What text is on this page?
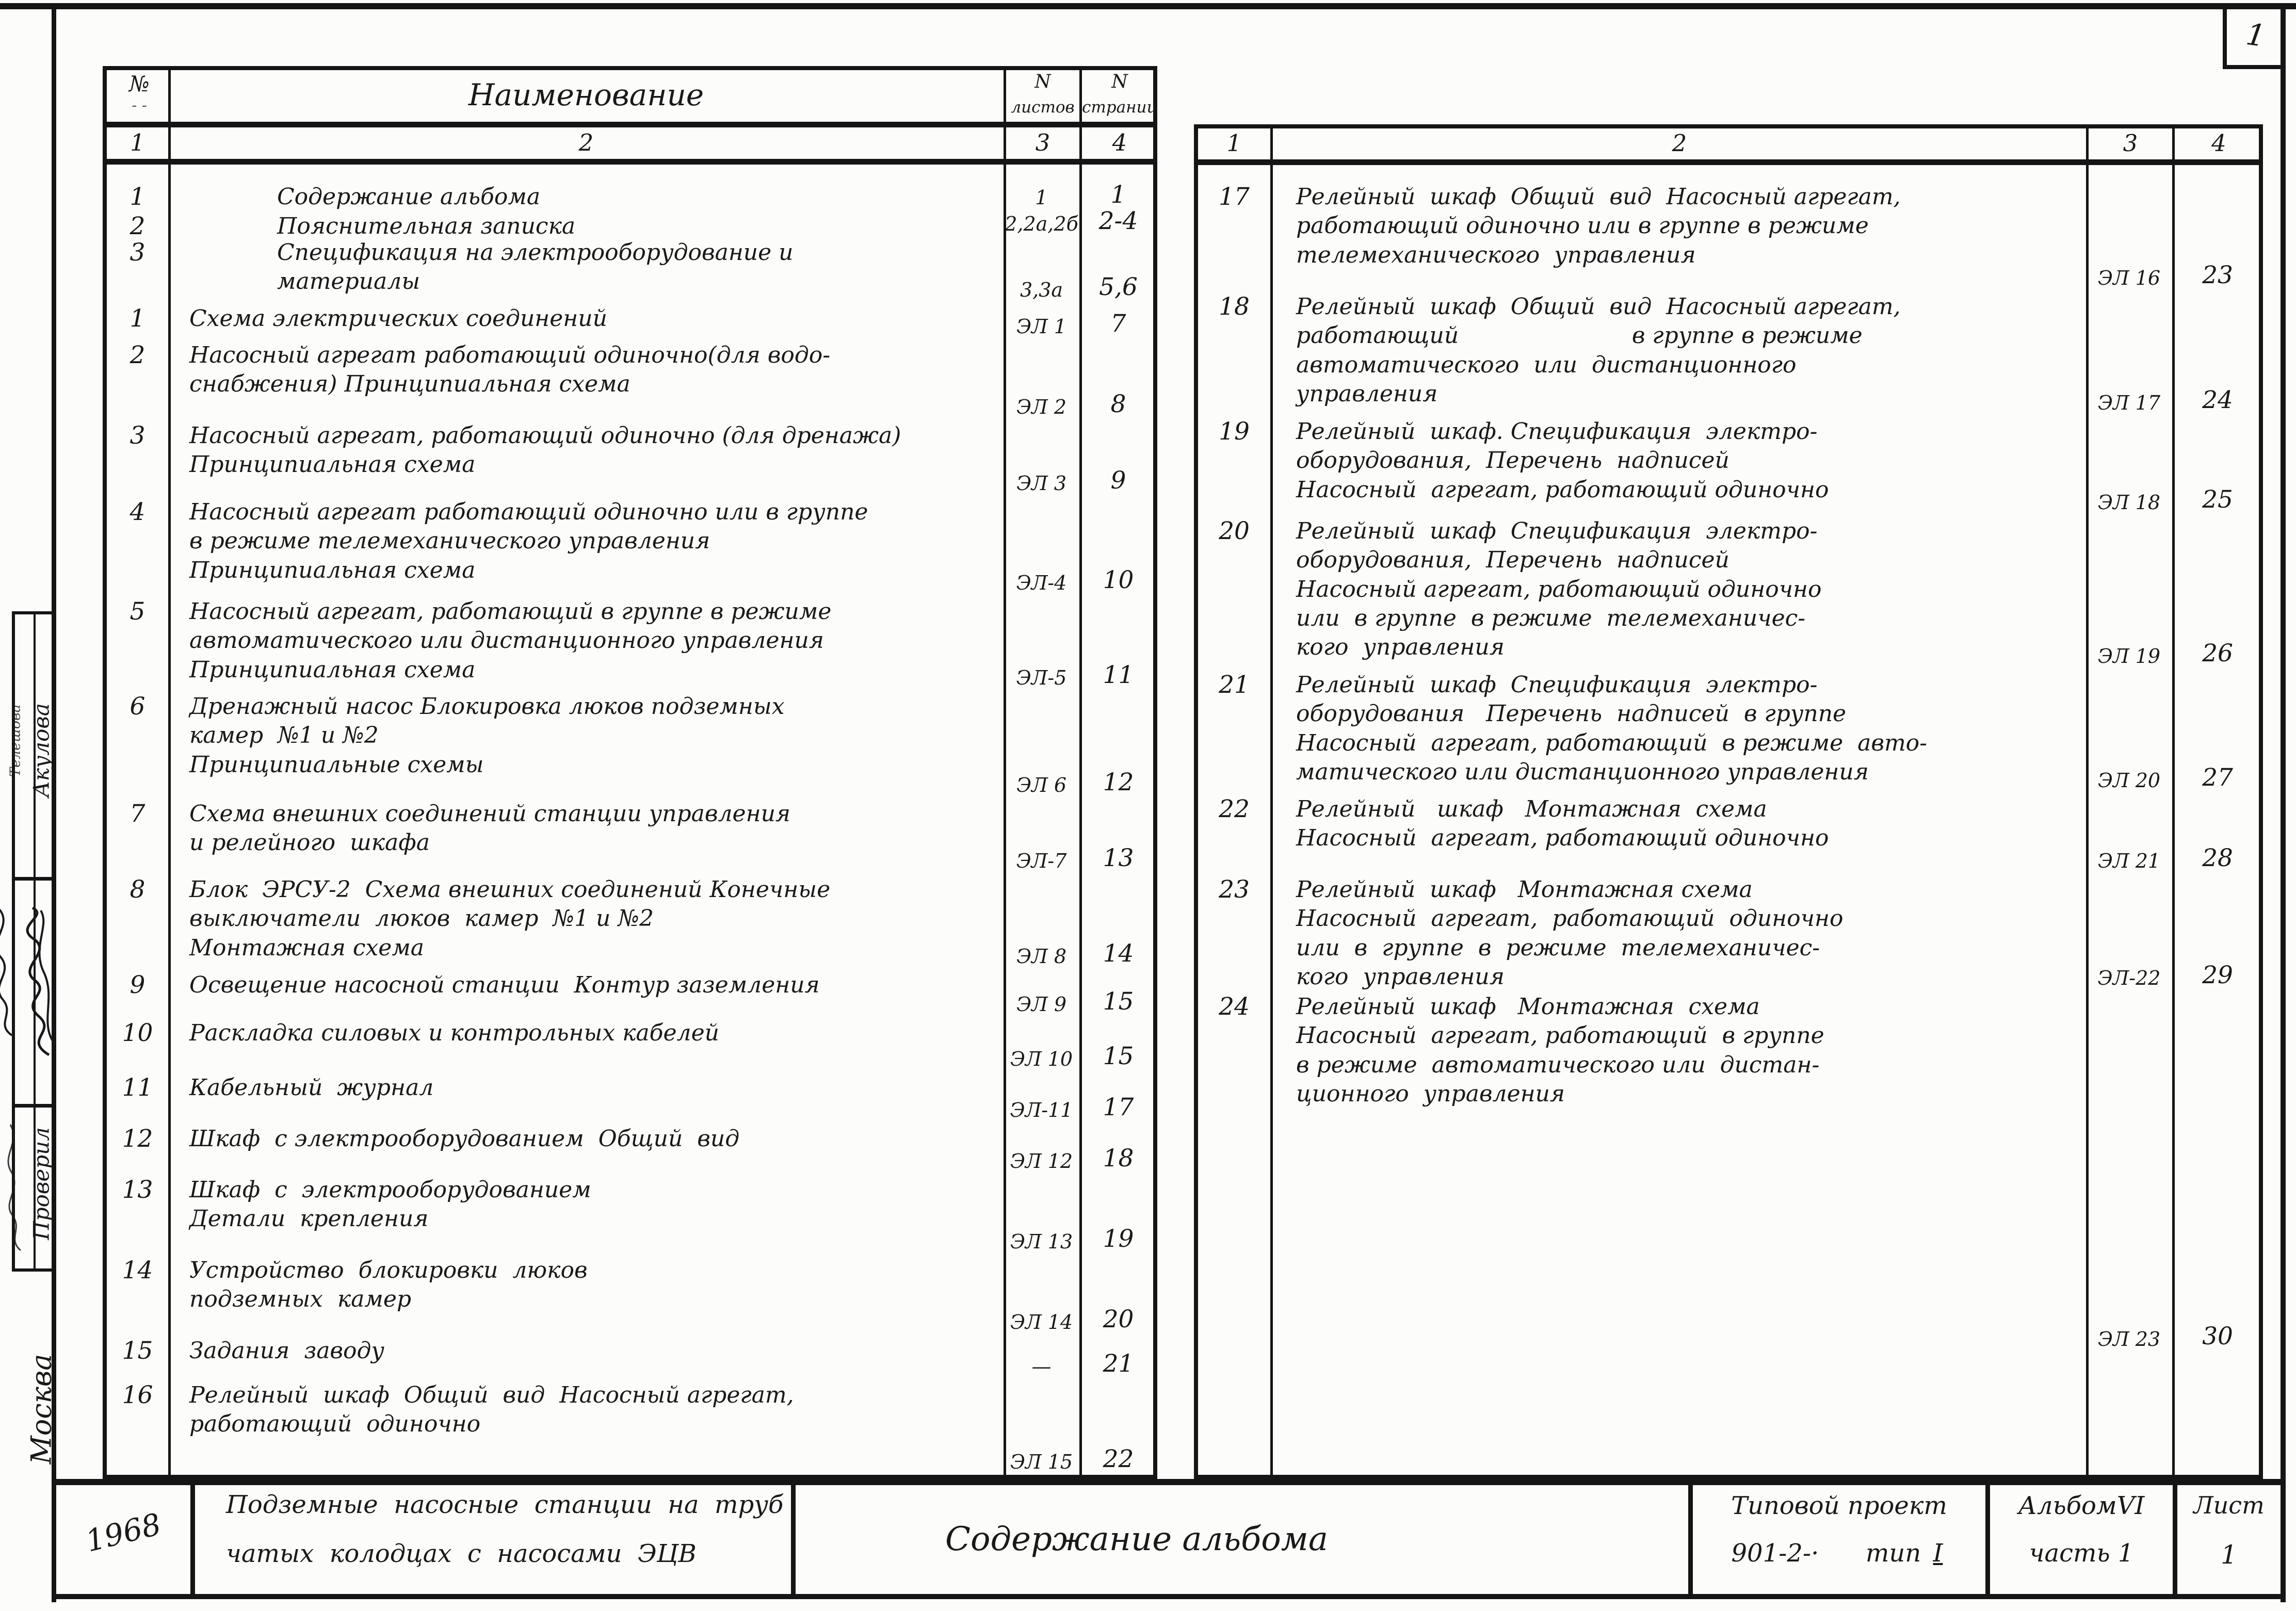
1
№
- -	Наименование	N
листов
N
страниц
1	2	3	4
1	Содержание альбома	1	1
2	Пояснительная записка	2,2а,2б 2-4
3	Спецификация на электрооборудование и
материалы	3,3а	5,6
1	Схема электрических соединений	ЭЛ 1	7
2	Насосный агрегат работающий одиночно(для водо-
снабжения) Принципиальная схема
ЭЛ 2	8
3	Насосный агрегат, работающий одиночно (для дренажа)
Принципиальная схема
ЭЛ 3	9
4	Насосный агрегат работающий одиночно или в группе
в режиме телемеханического управления
Принципиальная схема	ЭЛ-4	10
5	Насосный агрегат, работающий в группе в режиме
автоматического или дистанционного управления
Принципиальная схема	ЭЛ-5	11
6	Дренажный насос Блокировка люков подземных
камер  №1 и №2
Принципиальные схемы
ЭЛ 6	12
7	Схема внешних соединений станции управления
и релейного  шкафа
ЭЛ-7	13
8	Блок  ЭРСУ-2  Схема внешних соединений Конечные
выключатели  люков  камер  №1 и №2
Монтажная схема	ЭЛ 8	14
9	Освещение насосной станции  Контур заземления
ЭЛ 9	15
10	Раскладка силовых и контрольных кабелей
ЭЛ 10	15
11	Кабельный  журнал
ЭЛ-11	17
12	Шкаф  с электрооборудованием  Общий  вид
ЭЛ 12	18
13	Шкаф  с  электрооборудованием
Детали  крепления
ЭЛ 13	19
14	Устройство  блокировки  люков
подземных  камер
ЭЛ 14	20
15	Задания  заводу
—	21
16	Релейный  шкаф  Общий  вид  Насосный агрегат,
работающий  одиночно
ЭЛ 15	22
1	2	3	4
17	Релейный  шкаф  Общий  вид  Насосный агрегат,
работающий одиночно или в группе в режиме
телемеханического  управления
ЭЛ 16	23
18	Релейный  шкаф  Общий  вид  Насосный агрегат,
работающий                        в группе в режиме
автоматического  или  дистанционного
управления	ЭЛ 17	24
19	Релейный  шкаф. Спецификация  электро-
оборудования,  Перечень  надписей
Насосный  агрегат, работающий одиночно	ЭЛ 18	25
20	Релейный  шкаф  Спецификация  электро-
оборудования,  Перечень  надписей
Насосный агрегат, работающий одиночно
или  в группе  в режиме  телемеханичес-
кого  управления	ЭЛ 19	26
21	Релейный  шкаф  Спецификация  электро-
оборудования   Перечень  надписей  в группе
Насосный  агрегат, работающий  в режиме  авто-
матического или дистанционного управления	ЭЛ 20	27
22	Релейный   шкаф   Монтажная  схема
Насосный  агрегат, работающий одиночно
ЭЛ 21	28
23	Релейный  шкаф   Монтажная схема
Насосный  агрегат,  работающий  одиночно
или  в  группе  в  режиме  телемеханичес-
кого  управления	ЭЛ-22	29
24	Релейный  шкаф   Монтажная  схема
Насосный  агрегат, работающий  в группе
в режиме  автоматического или  дистан-
ционного  управления
ЭЛ 23	30
1968
Подземные  насосные  станции  на  труб
чатых  колодцах  с  насосами  ЭЦВ	Содержание альбома
Типовой проект
901-2-· тип I
АльбомVI
часть 1
Лист
1
Телешова Акулова
Проверил
Москва
